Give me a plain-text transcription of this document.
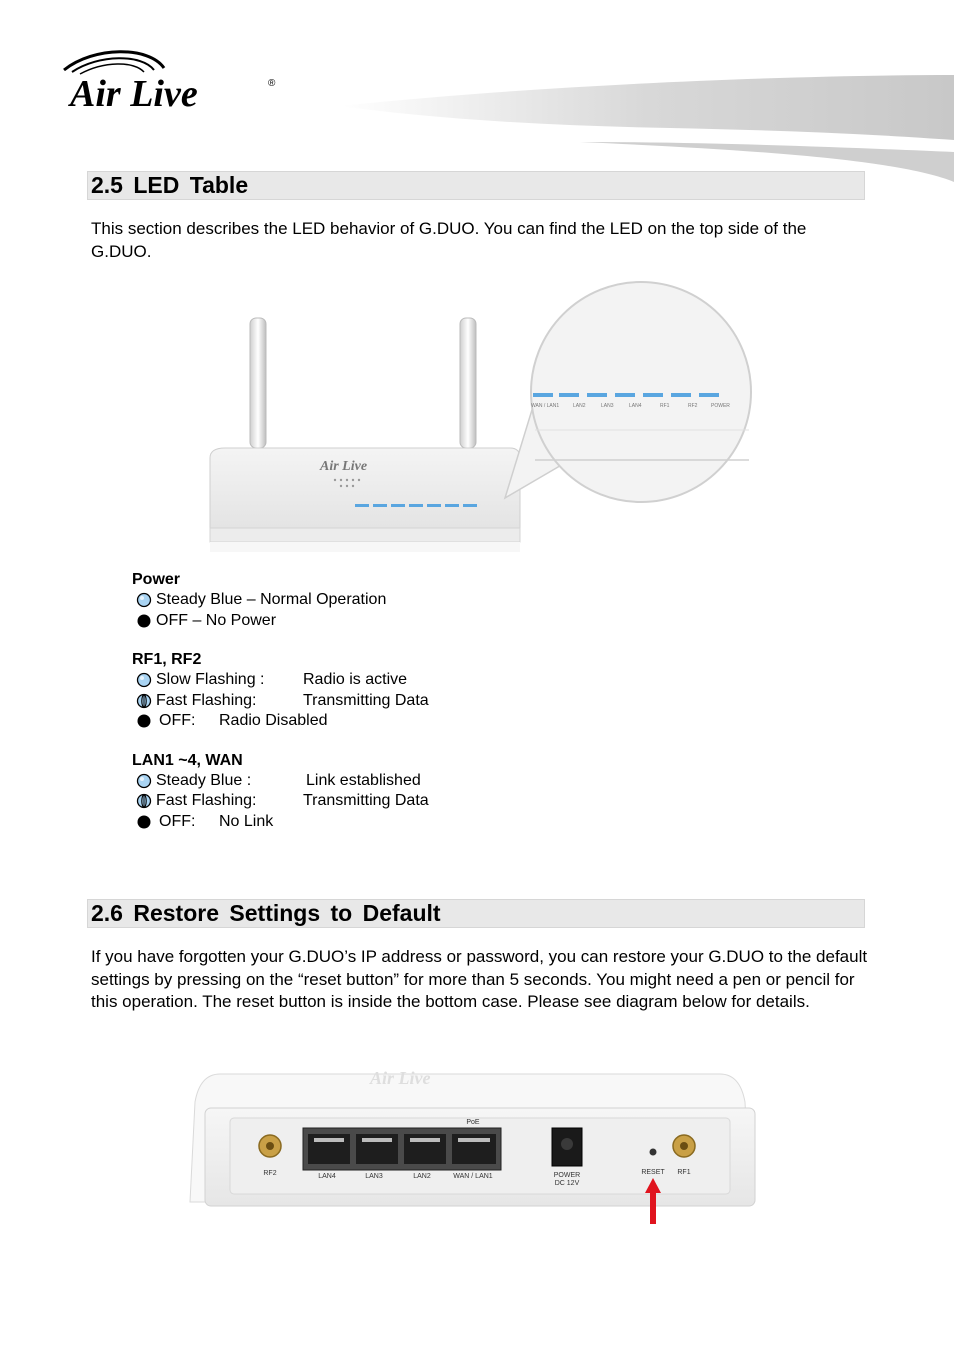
Air Live	®
2.5 LED Table

This section describes the LED behavior of G.DUO. You can find the LED on the top side of the G.DUO.

Air Live
WAN / LAN1	LAN2	LAN3	LAN4	RF1	RF2	POWER
Power
Steady Blue – Normal Operation
OFF – No Power
RF1, RF2
Slow Flashing :	Radio is active
Fast Flashing:	Transmitting Data
OFF:	Radio Disabled
LAN1 ~4, WAN
Steady Blue :	Link established
Fast Flashing:	Transmitting Data
OFF:	No Link
2.6 Restore Settings to Default

If you have forgotten your G.DUO’s IP address or password, you can restore your G.DUO to the default settings by pressing on the “reset button” for more than 5 seconds. You might need a pen or pencil for this operation. The reset button is inside the bottom case. Please see diagram below for details.

Air Live
PoE
RF2	LAN4	LAN3	LAN2	WAN / LAN1	POWER
DC 12V
RESET RF1
